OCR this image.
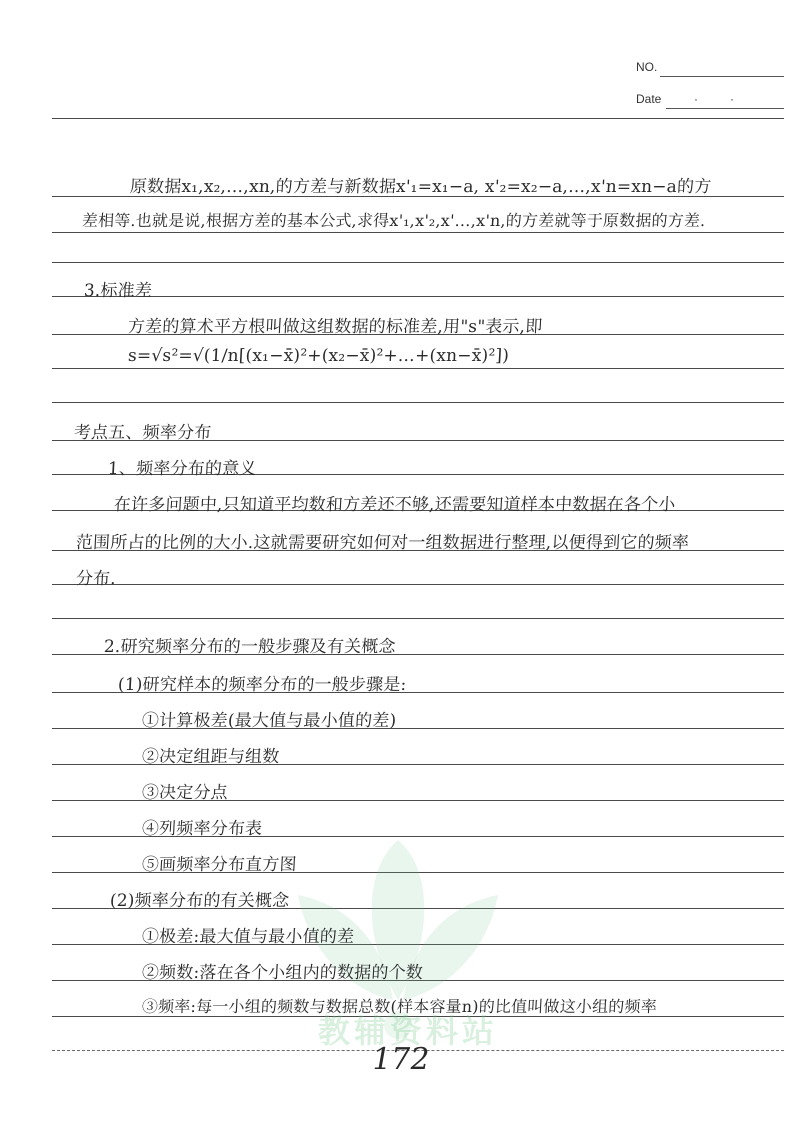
NO.
Date	·	·
教辅资料站
原数据x₁,x₂,…,xn,的方差与新数据x'₁=x₁−a, x'₂=x₂−a,…,x'n=xn−a的方
差相等.也就是说,根据方差的基本公式,求得x'₁,x'₂,x'…,x'n,的方差就等于原数据的方差.
3.标准差
方差的算术平方根叫做这组数据的标准差,用"s"表示,即
s=√s²=√(1/n[(x₁−x̄)²+(x₂−x̄)²+…+(xn−x̄)²])
考点五、频率分布
1、频率分布的意义
在许多问题中,只知道平均数和方差还不够,还需要知道样本中数据在各个小
范围所占的比例的大小.这就需要研究如何对一组数据进行整理,以便得到它的频率
分布.
2.研究频率分布的一般步骤及有关概念
(1)研究样本的频率分布的一般步骤是:
①计算极差(最大值与最小值的差)
②决定组距与组数
③决定分点
④列频率分布表
⑤画频率分布直方图
(2)频率分布的有关概念
①极差:最大值与最小值的差
②频数:落在各个小组内的数据的个数
③频率:每一小组的频数与数据总数(样本容量n)的比值叫做这小组的频率
172
